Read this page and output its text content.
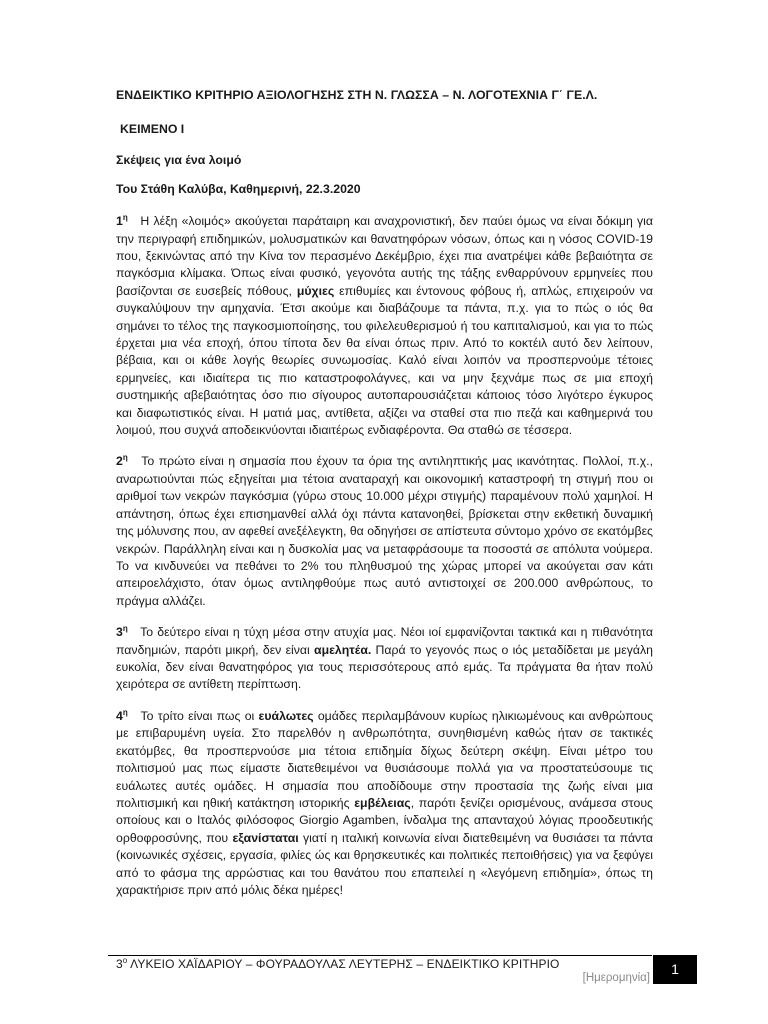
ΕΝΔΕΙΚΤΙΚΟ ΚΡΙΤΗΡΙΟ ΑΞΙΟΛΟΓΗΣΗΣ ΣΤΗ Ν. ΓΛΩΣΣΑ – Ν. ΛΟΓΟΤΕΧΝΙΑ Γ΄ ΓΕ.Λ.
ΚΕΙΜΕΝΟ Ι
Σκέψεις για ένα λοιμό
Του Στάθη Καλύβα, Καθημερινή, 22.3.2020

$1^\eta$ Η λέξη «λοιμός» ακούγεται παράταιρη και αναχρονιστική, δεν παύει όμως να είναι δόκιμη για την περιγραφή επιδημικών, μολυσματικών και θανατηφόρων νόσων, όπως και η νόσος COVID-19 που, ξεκινώντας από την Κίνα τον περασμένο Δεκέμβριο, έχει πια ανατρέψει κάθε βεβαιότητα σε παγκόσμια κλίμακα. Όπως είναι φυσικό, γεγονότα αυτής της τάξης ενθαρρύνουν ερμηνείες που βασίζονται σε ευσεβείς πόθους, μύχιες επιθυμίες και έντονους φόβους ή, απλώς, επιχειρούν να συγκαλύψουν την αμηχανία. Έτσι ακούμε και διαβάζουμε τα πάντα, π.χ. για το πώς ο ιός θα σημάνει το τέλος της παγκοσμιοποίησης, του φιλελευθερισμού ή του καπιταλισμού, και για το πώς έρχεται μια νέα εποχή, όπου τίποτα δεν θα είναι όπως πριν. Από το κοκτέιλ αυτό δεν λείπουν, βέβαια, και οι κάθε λογής θεωρίες συνωμοσίας. Καλό είναι λοιπόν να προσπερνούμε τέτοιες ερμηνείες, και ιδιαίτερα τις πιο καταστροφολάγνες, και να μην ξεχνάμε πως σε μια εποχή συστημικής αβεβαιότητας όσο πιο σίγουρος αυτοπαρουσιάζεται κάποιος τόσο λιγότερο έγκυρος και διαφωτιστικός είναι. Η ματιά μας, αντίθετα, αξίζει να σταθεί στα πιο πεζά και καθημερινά του λοιμού, που συχνά αποδεικνύονται ιδιαιτέρως ενδιαφέροντα. Θα σταθώ σε τέσσερα.

$2^\eta$ Το πρώτο είναι η σημασία που έχουν τα όρια της αντιληπτικής μας ικανότητας. Πολλοί, π.χ., αναρωτιούνται πώς εξηγείται μια τέτοια αναταραχή και οικονομική καταστροφή τη στιγμή που οι αριθμοί των νεκρών παγκόσμια (γύρω στους 10.000 μέχρι στιγμής) παραμένουν πολύ χαμηλοί. Η απάντηση, όπως έχει επισημανθεί αλλά όχι πάντα κατανοηθεί, βρίσκεται στην εκθετική δυναμική της μόλυνσης που, αν αφεθεί ανεξέλεγκτη, θα οδηγήσει σε απίστευτα σύντομο χρόνο σε εκατόμβες νεκρών. Παράλληλη είναι και η δυσκολία μας να μεταφράσουμε τα ποσοστά σε απόλυτα νούμερα. Το να κινδυνεύει να πεθάνει το 2% του πληθυσμού της χώρας μπορεί να ακούγεται σαν κάτι απειροελάχιστο, όταν όμως αντιληφθούμε πως αυτό αντιστοιχεί σε 200.000 ανθρώπους, το πράγμα αλλάζει.

$3^\eta$ Το δεύτερο είναι η τύχη μέσα στην ατυχία μας. Νέοι ιοί εμφανίζονται τακτικά και η πιθανότητα πανδημιών, παρότι μικρή, δεν είναι αμελητέα. Παρά το γεγονός πως ο ιός μεταδίδεται με μεγάλη ευκολία, δεν είναι θανατηφόρος για τους περισσότερους από εμάς. Τα πράγματα θα ήταν πολύ χειρότερα σε αντίθετη περίπτωση.

$4^\eta$ Το τρίτο είναι πως οι ευάλωτες ομάδες περιλαμβάνουν κυρίως ηλικιωμένους και ανθρώπους με επιβαρυμένη υγεία. Στο παρελθόν η ανθρωπότητα, συνηθισμένη καθώς ήταν σε τακτικές εκατόμβες, θα προσπερνούσε μια τέτοια επιδημία δίχως δεύτερη σκέψη. Είναι μέτρο του πολιτισμού μας πως είμαστε διατεθειμένοι να θυσιάσουμε πολλά για να προστατεύσουμε τις ευάλωτες αυτές ομάδες. Η σημασία που αποδίδουμε στην προστασία της ζωής είναι μια πολιτισμική και ηθική κατάκτηση ιστορικής εμβέλειας, παρότι ξενίζει ορισμένους, ανάμεσα στους οποίους και ο Ιταλός φιλόσοφος Giorgio Agamben, ίνδαλμα της απανταχού λόγιας προοδευτικής ορθοφροσύνης, που εξανίσταται γιατί η ιταλική κοινωνία είναι διατεθειμένη να θυσιάσει τα πάντα (κοινωνικές σχέσεις, εργασία, φιλίες ώς και θρησκευτικές και πολιτικές πεποιθήσεις) για να ξεφύγει από το φάσμα της αρρώστιας και του θανάτου που επαπειλεί η «λεγόμενη επιδημία», όπως τη χαρακτήρισε πριν από μόλις δέκα ημέρες!

$3^o$ ΛΥΚΕΙΟ ΧΑΪΔΑΡΙΟΥ – ΦΟΥΡΑΔΟΥΛΑΣ ΛΕΥΤΕΡΗΣ – ΕΝΔΕΙΚΤΙΚΟ ΚΡΙΤΗΡΙΟ
[Ημερομηνία]
1
